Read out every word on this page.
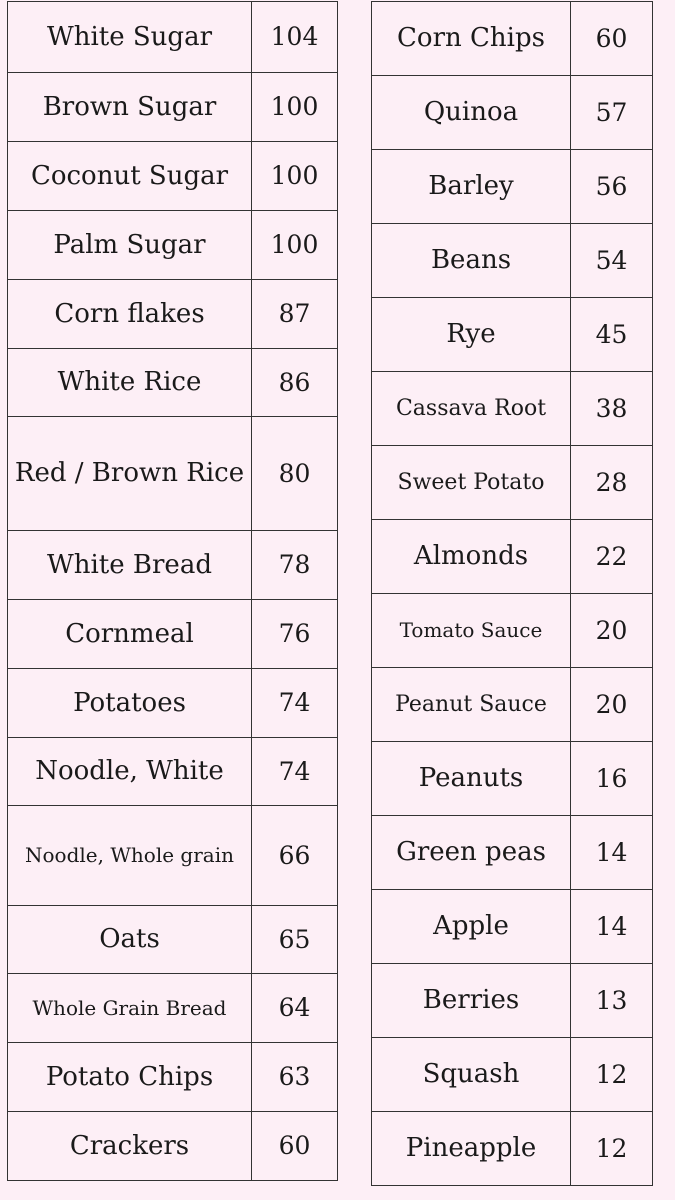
White Sugar	104
Brown Sugar	100
Coconut Sugar	100
Palm Sugar	100
Corn flakes	87
White Rice	86
Red / Brown Rice	80
White Bread	78
Cornmeal	76
Potatoes	74
Noodle, White	74
Noodle, Whole grain	66
Oats	65
Whole Grain Bread	64
Potato Chips	63
Crackers	60
Corn Chips	60
Quinoa	57
Barley	56
Beans	54
Rye	45
Cassava Root	38
Sweet Potato	28
Almonds	22
Tomato Sauce	20
Peanut Sauce	20
Peanuts	16
Green peas	14
Apple	14
Berries	13
Squash	12
Pineapple	12
